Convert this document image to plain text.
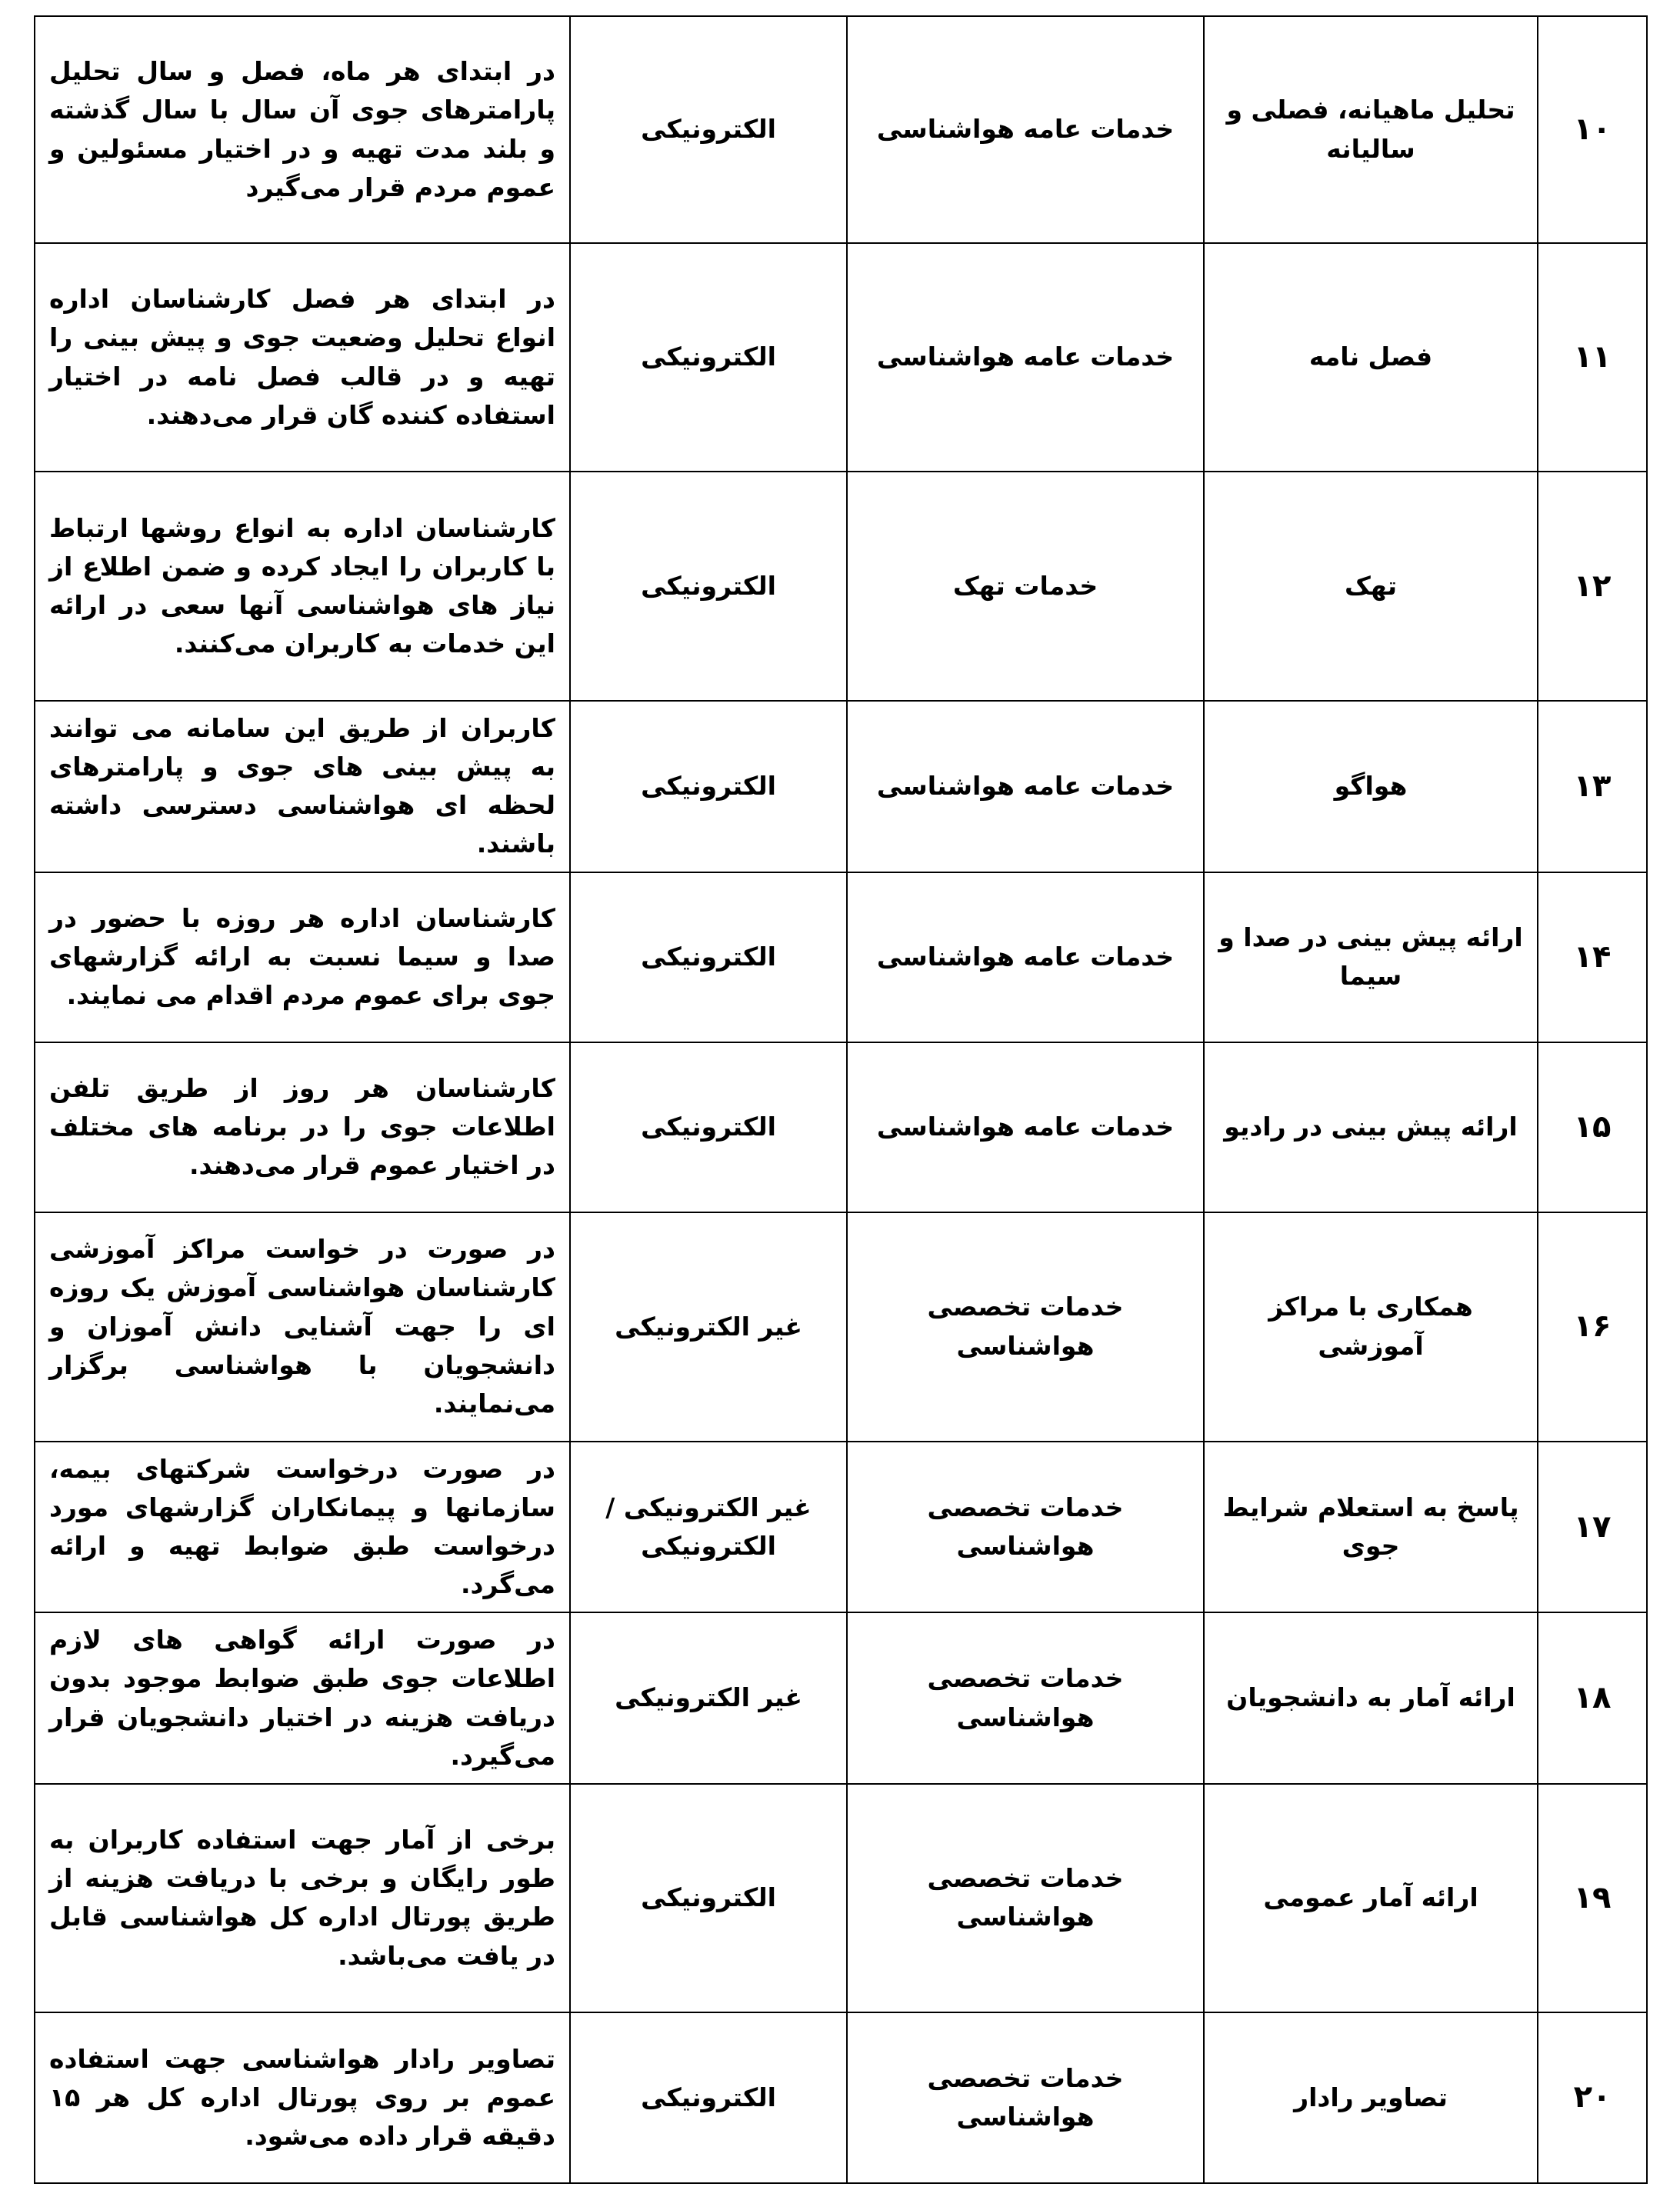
۱۰	تحلیل ماهیانه، فصلی و سالیانه	خدمات عامه هواشناسی	الکترونیکی	در ابتدای هر ماه، فصل و سال تحلیل پارامترهای جوی آن سال با سال گذشته و بلند مدت تهیه و در اختیار مسئولین و عموم مردم قرار می‌گیرد
۱۱	فصل نامه	خدمات عامه هواشناسی	الکترونیکی	در ابتدای هر فصل کارشناسان اداره انواع تحلیل وضعیت جوی و پیش بینی را تهیه و در قالب فصل نامه در اختیار استفاده کننده گان قرار می‌دهند.
۱۲	تهک	خدمات تهک	الکترونیکی	کارشناسان اداره به انواع روشها ارتباط با کاربران را ایجاد کرده و ضمن اطلاع از نیاز های هواشناسی آنها سعی در ارائه این خدمات به کاربران می‌کنند.
۱۳	هواگو	خدمات عامه هواشناسی	الکترونیکی	کاربران از طریق این سامانه می توانند به پیش بینی های جوی و پارامترهای لحظه ای هواشناسی دسترسی داشته باشند.
۱۴	ارائه پیش بینی در صدا و سیما	خدمات عامه هواشناسی	الکترونیکی	کارشناسان اداره هر روزه با حضور در صدا و سیما نسبت به ارائه گزارشهای جوی برای عموم مردم اقدام می نمایند.
۱۵	ارائه پیش بینی در رادیو	خدمات عامه هواشناسی	الکترونیکی	کارشناسان هر روز از طریق تلفن اطلاعات جوی را در برنامه های مختلف در اختیار عموم قرار می‌دهند.
۱۶	همکاری با مراکز آموزشی	خدمات تخصصی هواشناسی	غیر الکترونیکی	در صورت در خواست مراکز آموزشی کارشناسان هواشناسی آموزش یک روزه ای را جهت آشنایی دانش آموزان و دانشجویان با هواشناسی برگزار می‌نمایند.
۱۷	پاسخ به استعلام شرایط جوی	خدمات تخصصی هواشناسی	غیر الکترونیکی /الکترونیکی	در صورت درخواست شرکتهای بیمه، سازمانها و پیمانکاران گزارشهای مورد درخواست طبق ضوابط تهیه و ارائه می‌گرد.
۱۸	ارائه آمار به دانشجویان	خدمات تخصصی هواشناسی	غیر الکترونیکی	در صورت ارائه گواهی های لازم اطلاعات جوی طبق ضوابط موجود بدون دریافت هزینه در اختیار دانشجویان قرار می‌گیرد.
۱۹	ارائه آمار عمومی	خدمات تخصصی هواشناسی	الکترونیکی	برخی از آمار جهت استفاده کاربران به طور رایگان و برخی با دریافت هزینه از طریق پورتال اداره کل هواشناسی قابل در یافت می‌باشد.
۲۰	تصاویر رادار	خدمات تخصصی هواشناسی	الکترونیکی	تصاویر رادار هواشناسی جهت استفاده عموم بر روی پورتال اداره کل هر ۱۵ دقیقه قرار داده می‌شود.
